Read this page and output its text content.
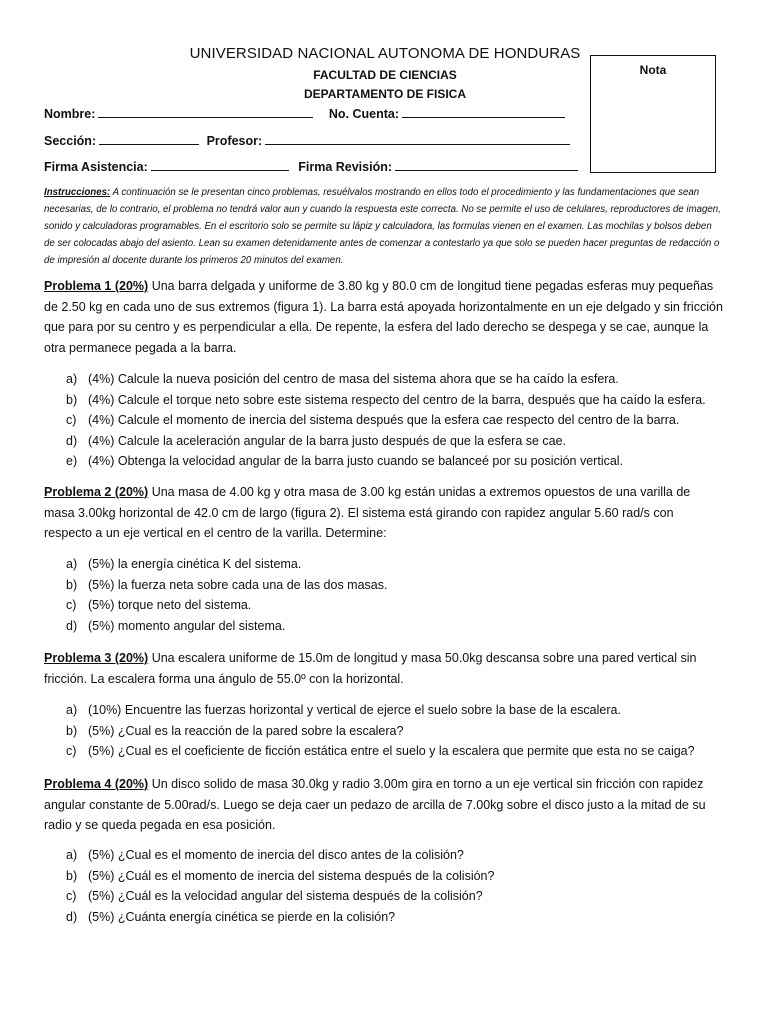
UNIVERSIDAD NACIONAL AUTONOMA DE HONDURAS
FACULTAD DE CIENCIAS
DEPARTAMENTO DE FISICA
Nota
Nombre:	No. Cuenta:
Sección:	Profesor:
Firma Asistencia:	Firma Revisión:
Instrucciones: A continuación se le presentan cinco problemas, resuélvalos mostrando en ellos todo el procedimiento y las fundamentaciones que sean necesarias, de lo contrario, el problema no tendrá valor aun y cuando la respuesta este correcta. No se permite el uso de celulares, reproductores de imagen, sonido y calculadoras programables. En el escritorio solo se permite su lápiz y calculadora, las formulas vienen en el examen. Las mochilas y bolsos deben de ser colocadas abajo del asiento. Lean su examen detenidamente antes de comenzar a contestarlo ya que solo se pueden hacer preguntas de redacción o de impresión al docente durante los primeros 20 minutos del examen.
Problema 1 (20%) Una barra delgada y uniforme de 3.80 kg y 80.0 cm de longitud tiene pegadas esferas muy pequeñas de 2.50 kg en cada uno de sus extremos (figura 1). La barra está apoyada horizontalmente en un eje delgado y sin fricción que para por su centro y es perpendicular a ella. De repente, la esfera del lado derecho se despega y se cae, aunque la otra permanece pegada a la barra.
a) (4%) Calcule la nueva posición del centro de masa del sistema ahora que se ha caído la esfera.
b) (4%) Calcule el torque neto sobre este sistema respecto del centro de la barra, después que ha caído la esfera.
c) (4%) Calcule el momento de inercia del sistema después que la esfera cae respecto del centro de la barra.
d) (4%) Calcule la aceleración angular de la barra justo después de que la esfera se cae.
e) (4%) Obtenga la velocidad angular de la barra justo cuando se balanceé por su posición vertical.
Problema 2 (20%) Una masa de 4.00 kg y otra masa de 3.00 kg están unidas a extremos opuestos de una varilla de masa 3.00kg horizontal de 42.0 cm de largo (figura 2). El sistema está girando con rapidez angular 5.60 rad/s con respecto a un eje vertical en el centro de la varilla. Determine:
a) (5%) la energía cinética K del sistema.
b) (5%) la fuerza neta sobre cada una de las dos masas.
c) (5%) torque neto del sistema.
d) (5%) momento angular del sistema.
Problema 3 (20%) Una escalera uniforme de 15.0m de longitud y masa 50.0kg descansa sobre una pared vertical sin fricción. La escalera forma una ángulo de 55.0º con la horizontal.
a) (10%) Encuentre las fuerzas horizontal y vertical de ejerce el suelo sobre la base de la escalera.
b) (5%) ¿Cual es la reacción de la pared sobre la escalera?
c) (5%) ¿Cual es el coeficiente de ficción estática entre el suelo y la escalera que permite que esta no se caiga?
Problema 4 (20%) Un disco solido de masa 30.0kg y radio 3.00m gira en torno a un eje vertical sin fricción con rapidez angular constante de 5.00rad/s. Luego se deja caer un pedazo de arcilla de 7.00kg sobre el disco justo a la mitad de su radio y se queda pegada en esa posición.
a) (5%) ¿Cual es el momento de inercia del disco antes de la colisión?
b) (5%) ¿Cuál es el momento de inercia del sistema después de la colisión?
c) (5%) ¿Cuál es la velocidad angular del sistema después de la colisión?
d) (5%) ¿Cuánta energía cinética se pierde en la colisión?
